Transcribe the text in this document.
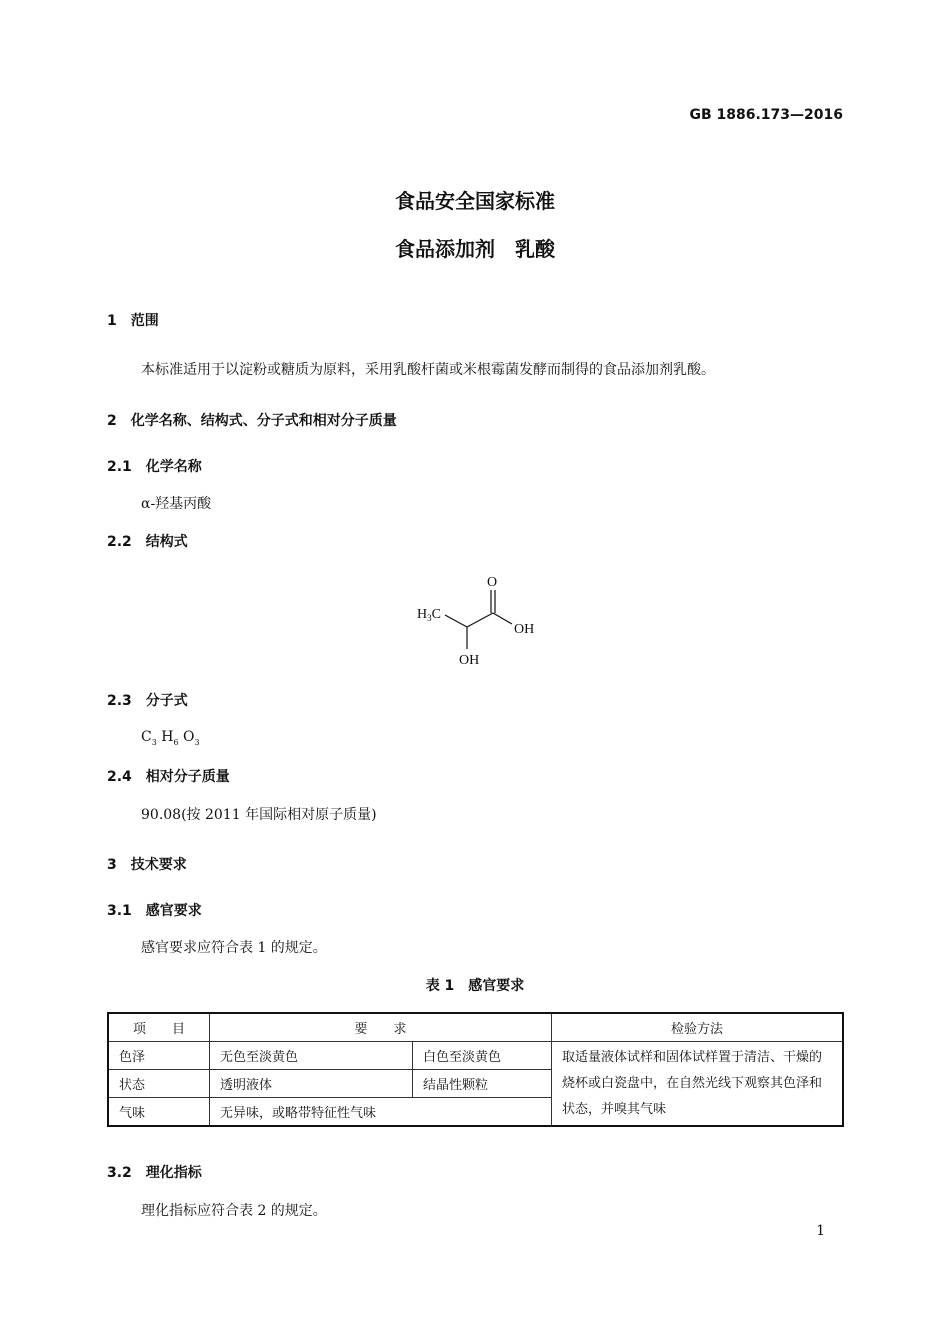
GB 1886.173—2016
食品安全国家标准
食品添加剂　乳酸
1　范围
本标准适用于以淀粉或糖质为原料，采用乳酸杆菌或米根霉菌发酵而制得的食品添加剂乳酸。
2　化学名称、结构式、分子式和相对分子质量
2.1　化学名称
α-羟基丙酸
2.2　结构式
$H_3C$
O
OH
OH
2.3　分子式
$C_3$ $H_6$ $O_3$
2.4　相对分子质量
90.08(按 2011 年国际相对原子质量)
3　技术要求
3.1　感官要求
感官要求应符合表 1 的规定。
表 1　感官要求
项　　目	要　　求		检验方法
色泽	无色至淡黄色	白色至淡黄色	取适量液体试样和固体试样置于清洁、干燥的烧杯或白瓷盘中，在自然光线下观察其色泽和状态，并嗅其气味
状态	透明液体	结晶性颗粒	
气味	无异味，或略带特征性气味		
3.2　理化指标
理化指标应符合表 2 的规定。
1
